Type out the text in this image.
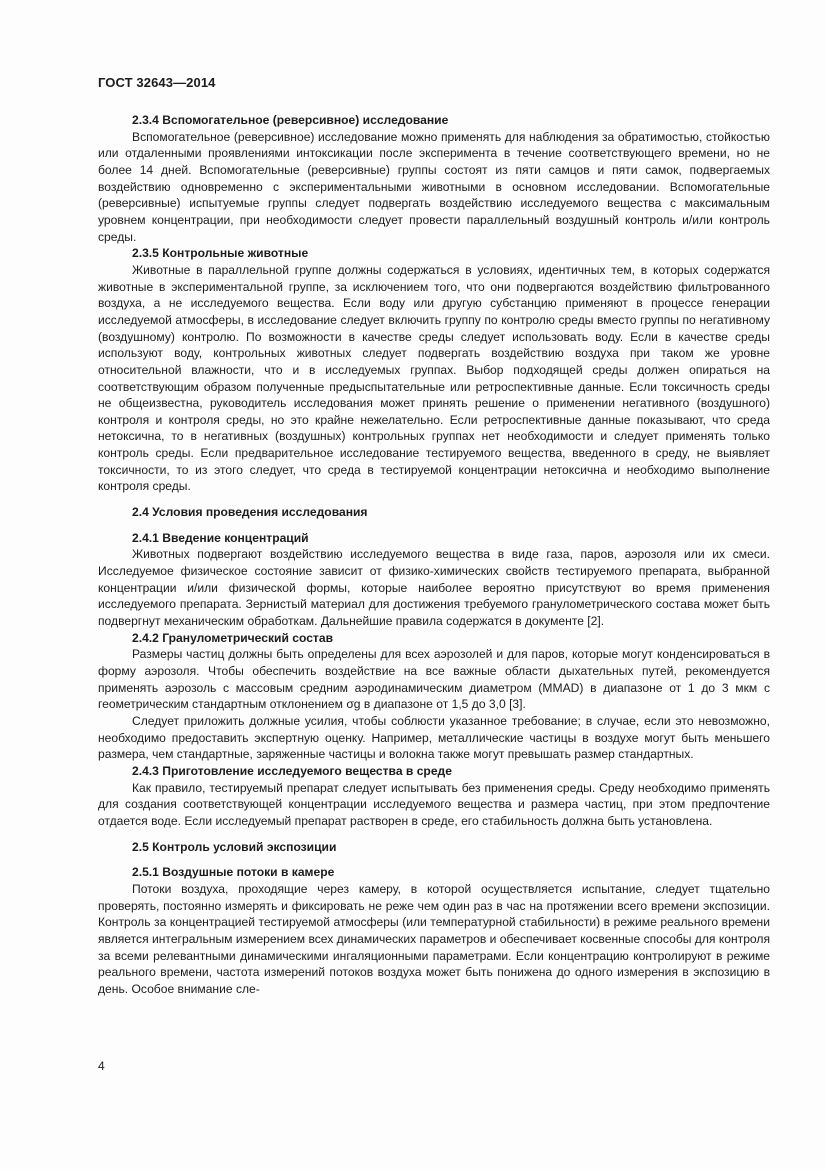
ГОСТ 32643—2014
2.3.4 Вспомогательное (реверсивное) исследование
Вспомогательное (реверсивное) исследование можно применять для наблюдения за обратимостью, стойкостью или отдаленными проявлениями интоксикации после эксперимента в течение соответствующего времени, но не более 14 дней. Вспомогательные (реверсивные) группы состоят из пяти самцов и пяти самок, подвергаемых воздействию одновременно с экспериментальными животными в основном исследовании. Вспомогательные (реверсивные) испытуемые группы следует подвергать воздействию исследуемого вещества с максимальным уровнем концентрации, при необходимости следует провести параллельный воздушный контроль и/или контроль среды.
2.3.5 Контрольные животные
Животные в параллельной группе должны содержаться в условиях, идентичных тем, в которых содержатся животные в экспериментальной группе, за исключением того, что они подвергаются воздействию фильтрованного воздуха, а не исследуемого вещества. Если воду или другую субстанцию применяют в процессе генерации исследуемой атмосферы, в исследование следует включить группу по контролю среды вместо группы по негативному (воздушному) контролю. По возможности в качестве среды следует использовать воду. Если в качестве среды используют воду, контрольных животных следует подвергать воздействию воздуха при таком же уровне относительной влажности, что и в исследуемых группах. Выбор подходящей среды должен опираться на соответствующим образом полученные предыспытательные или ретроспективные данные. Если токсичность среды не общеизвестна, руководитель исследования может принять решение о применении негативного (воздушного) контроля и контроля среды, но это крайне нежелательно. Если ретроспективные данные показывают, что среда нетоксична, то в негативных (воздушных) контрольных группах нет необходимости и следует применять только контроль среды. Если предварительное исследование тестируемого вещества, введенного в среду, не выявляет токсичности, то из этого следует, что среда в тестируемой концентрации нетоксична и необходимо выполнение контроля среды.
2.4 Условия проведения исследования
2.4.1 Введение концентраций
Животных подвергают воздействию исследуемого вещества в виде газа, паров, аэрозоля или их смеси. Исследуемое физическое состояние зависит от физико-химических свойств тестируемого препарата, выбранной концентрации и/или физической формы, которые наиболее вероятно присутствуют во время применения исследуемого препарата. Зернистый материал для достижения требуемого гранулометрического состава может быть подвергнут механическим обработкам. Дальнейшие правила содержатся в документе [2].
2.4.2 Гранулометрический состав
Размеры частиц должны быть определены для всех аэрозолей и для паров, которые могут конденсироваться в форму аэрозоля. Чтобы обеспечить воздействие на все важные области дыхательных путей, рекомендуется применять аэрозоль с массовым средним аэродинамическим диаметром (MMAD) в диапазоне от 1 до 3 мкм с геометрическим стандартным отклонением σg в диапазоне от 1,5 до 3,0 [3].
Следует приложить должные усилия, чтобы соблюсти указанное требование; в случае, если это невозможно, необходимо предоставить экспертную оценку. Например, металлические частицы в воздухе могут быть меньшего размера, чем стандартные, заряженные частицы и волокна также могут превышать размер стандартных.
2.4.3 Приготовление исследуемого вещества в среде
Как правило, тестируемый препарат следует испытывать без применения среды. Среду необходимо применять для создания соответствующей концентрации исследуемого вещества и размера частиц, при этом предпочтение отдается воде. Если исследуемый препарат растворен в среде, его стабильность должна быть установлена.
2.5 Контроль условий экспозиции
2.5.1 Воздушные потоки в камере
Потоки воздуха, проходящие через камеру, в которой осуществляется испытание, следует тщательно проверять, постоянно измерять и фиксировать не реже чем один раз в час на протяжении всего времени экспозиции. Контроль за концентрацией тестируемой атмосферы (или температурной стабильности) в режиме реального времени является интегральным измерением всех динамических параметров и обеспечивает косвенные способы для контроля за всеми релевантными динамическими ингаляционными параметрами. Если концентрацию контролируют в режиме реального времени, частота измерений потоков воздуха может быть понижена до одного измерения в экспозицию в день. Особое внимание сле-
4
